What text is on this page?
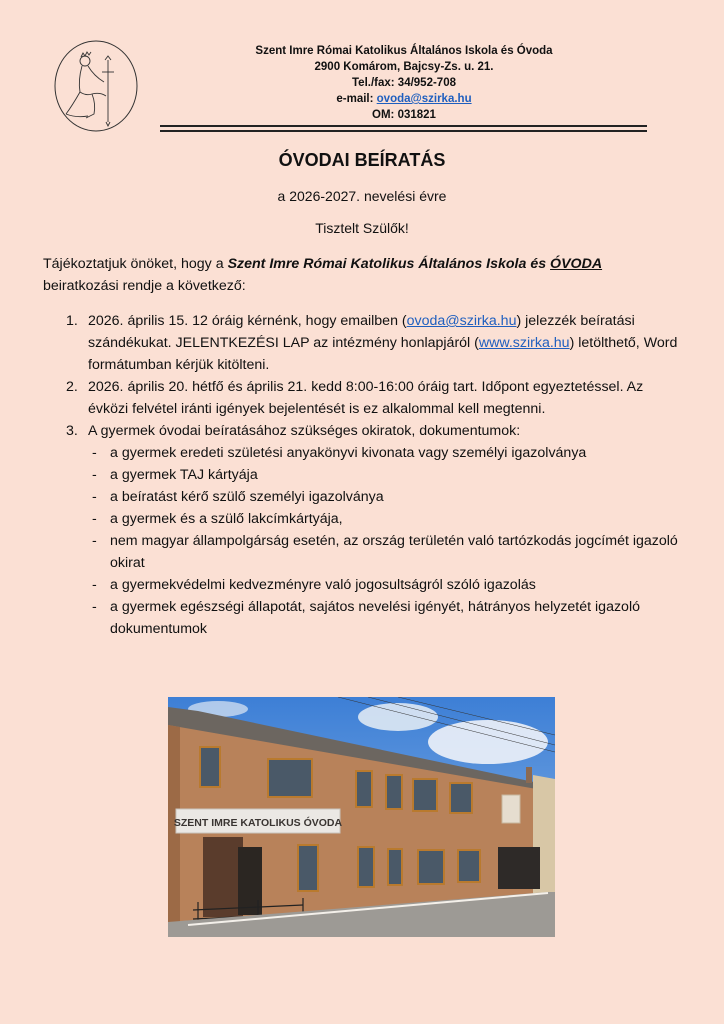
Szent Imre Római Katolikus Általános Iskola és Óvoda
2900 Komárom, Bajcsy-Zs. u. 21.
Tel./fax: 34/952-708
e-mail: ovoda@szirka.hu
OM: 031821
ÓVODAI BEÍRATÁS
a 2026-2027. nevelési évre
Tisztelt Szülők!
Tájékoztatjuk önöket, hogy a Szent Imre Római Katolikus Általános Iskola és ÓVODA
beiratkozási rendje a következő:
1. 2026. április 15. 12 óráig kérnénk, hogy emailben (ovoda@szirka.hu) jelezzék beíratási szándékukat. JELENTKEZÉSI LAP az intézmény honlapjáról (www.szirka.hu) letölthető, Word formátumban kérjük kitölteni.
2. 2026. április 20. hétfő és április 21. kedd 8:00-16:00 óráig tart. Időpont egyeztetéssel. Az évközi felvétel iránti igények bejelentését is ez alkalommal kell megtenni.
3. A gyermek óvodai beíratásához szükséges okiratok, dokumentumok:
- a gyermek eredeti születési anyakönyvi kivonata vagy személyi igazolványa
- a gyermek TAJ kártyája
- a beíratást kérő szülő személyi igazolványa
- a gyermek és a szülő lakcímkártyája,
- nem magyar állampolgárság esetén, az ország területén való tartózkodás jogcímét igazoló okirat
- a gyermekvédelmi kedvezményre való jogosultságról szóló igazolás
- a gyermek egészségi állapotát, sajátos nevelési igényét, hátrányos helyzetét igazoló dokumentumok
SZENT IMRE KATOLIKUS ÓVODA
